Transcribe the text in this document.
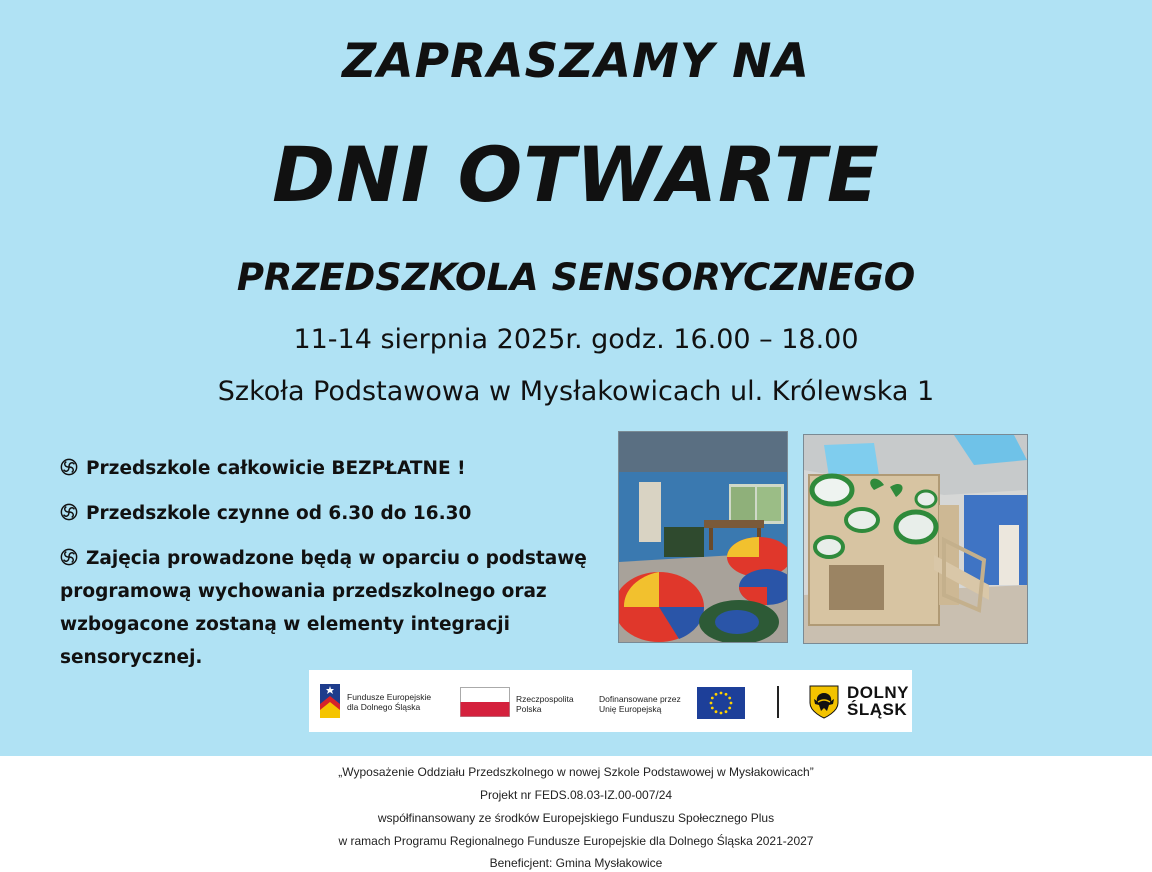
ZAPRASZAMY NA
DNI OTWARTE
PRZEDSZKOLA SENSORYCZNEGO
11-14 sierpnia 2025r. godz. 16.00 – 18.00
Szkoła Podstawowa w Mysłakowicach ul. Królewska 1
Przedszkole całkowicie BEZPŁATNE !
Przedszkole czynne od 6.30 do 16.30
Zajęcia prowadzone będą w oparciu o podstawę programową wychowania przedszkolnego oraz wzbogacone zostaną w elementy integracji sensorycznej.
Fundusze Europejskie
dla Dolnego Śląska
Rzeczpospolita
Polska
Dofinansowane przez
Unię Europejską
DOLNY
ŚLĄSK
„Wyposażenie Oddziału Przedszkolnego w nowej Szkole Podstawowej w Mysłakowicach”
Projekt nr FEDS.08.03-IZ.00-007/24
współfinansowany ze środków Europejskiego Funduszu Społecznego Plus
w ramach Programu Regionalnego Fundusze Europejskie dla Dolnego Śląska 2021-2027
Beneficjent: Gmina Mysłakowice
